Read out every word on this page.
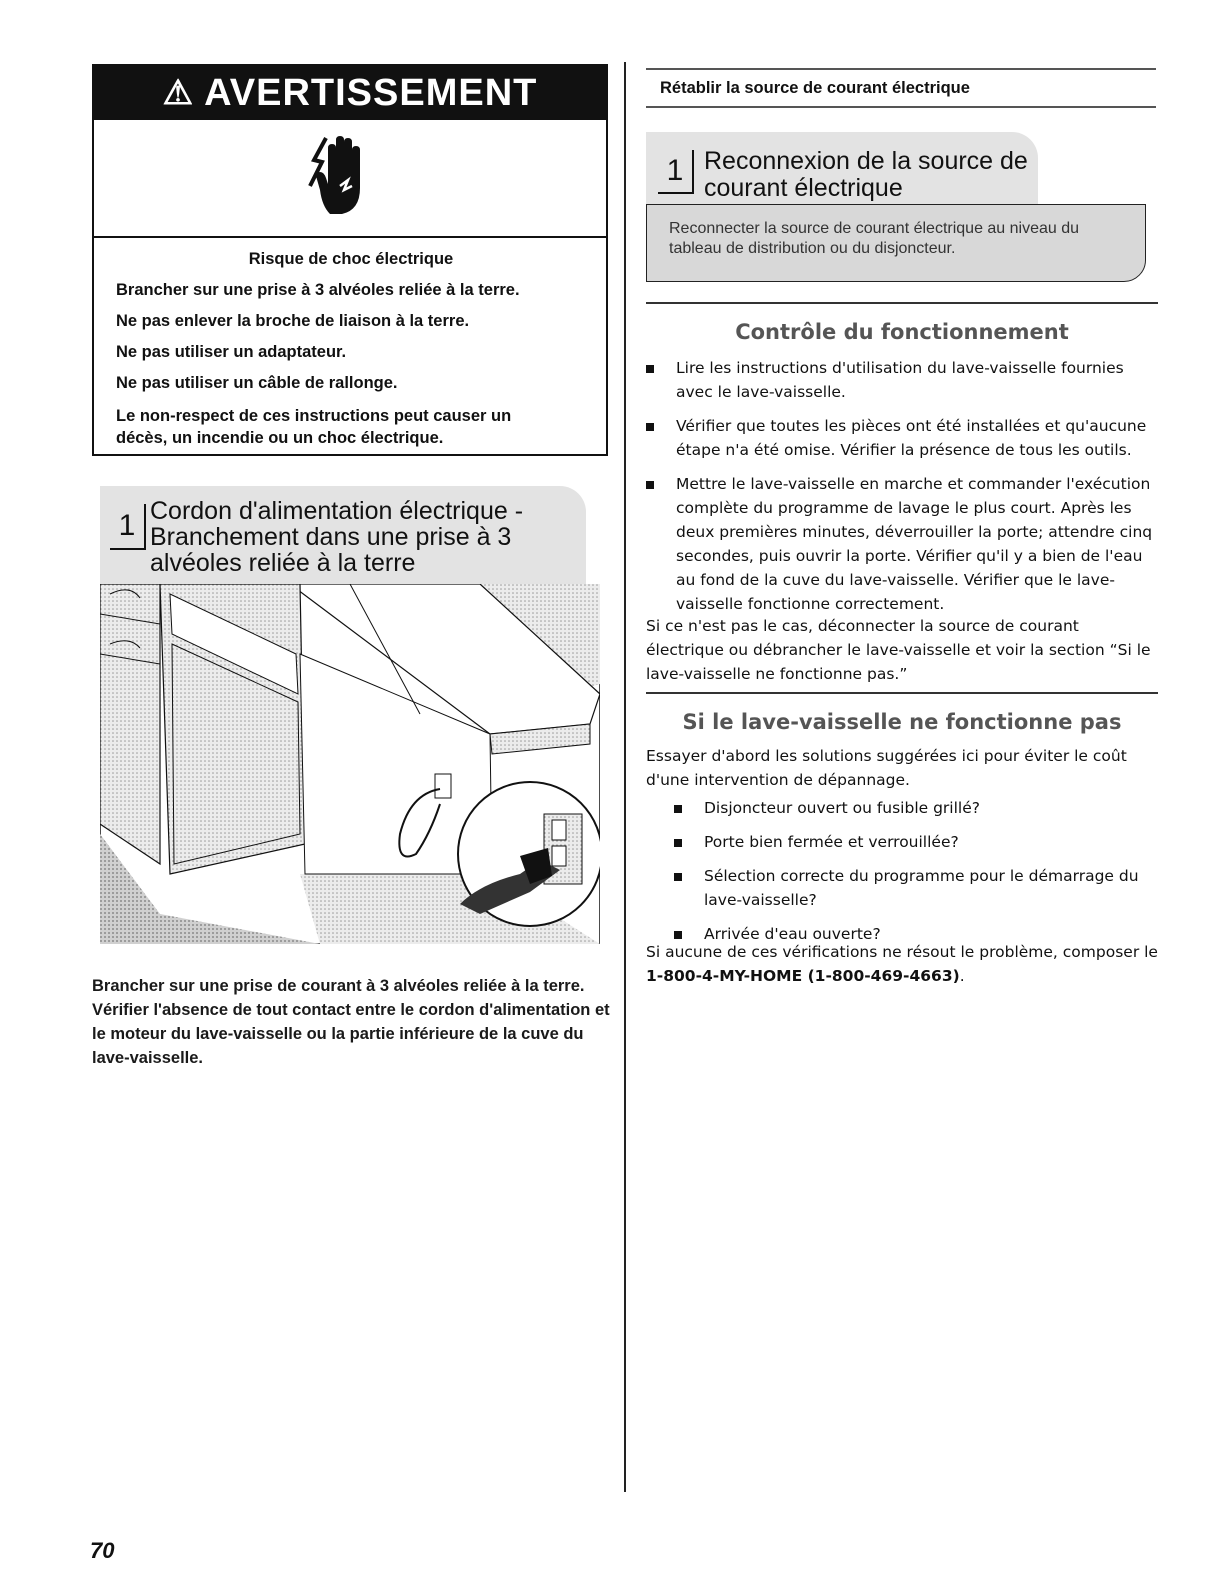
⚠ AVERTISSEMENT
Risque de choc électrique
Brancher sur une prise à 3 alvéoles reliée à la terre.
Ne pas enlever la broche de liaison à la terre.
Ne pas utiliser un adaptateur.
Ne pas utiliser un câble de rallonge.
Le non-respect de ces instructions peut causer un décès, un incendie ou un choc électrique.
1 Cordon d'alimentation électrique - Branchement dans une prise à 3 alvéoles reliée à la terre
Brancher sur une prise de courant à 3 alvéoles reliée à la terre. Vérifier l'absence de tout contact entre le cordon d'alimentation et le moteur du lave-vaisselle ou la partie inférieure de la cuve du lave-vaisselle.
70
Rétablir la source de courant électrique
1 Reconnexion de la source de courant électrique
Reconnecter la source de courant électrique au niveau du tableau de distribution ou du disjoncteur.
Contrôle du fonctionnement
Lire les instructions d'utilisation du lave-vaisselle fournies avec le lave-vaisselle.
Vérifier que toutes les pièces ont été installées et qu'aucune étape n'a été omise. Vérifier la présence de tous les outils.
Mettre le lave-vaisselle en marche et commander l'exécution complète du programme de lavage le plus court. Après les deux premières minutes, déverrouiller la porte; attendre cinq secondes, puis ouvrir la porte. Vérifier qu'il y a bien de l'eau au fond de la cuve du lave-vaisselle. Vérifier que le lave-vaisselle fonctionne correctement.
Si ce n'est pas le cas, déconnecter la source de courant électrique ou débrancher le lave-vaisselle et voir la section “Si le lave-vaisselle ne fonctionne pas.”
Si le lave-vaisselle ne fonctionne pas
Essayer d'abord les solutions suggérées ici pour éviter le coût d'une intervention de dépannage.
Disjoncteur ouvert ou fusible grillé?
Porte bien fermée et verrouillée?
Sélection correcte du programme pour le démarrage du lave-vaisselle?
Arrivée d'eau ouverte?
Si aucune de ces vérifications ne résout le problème, composer le 1-800-4-MY-HOME (1-800-469-4663).
